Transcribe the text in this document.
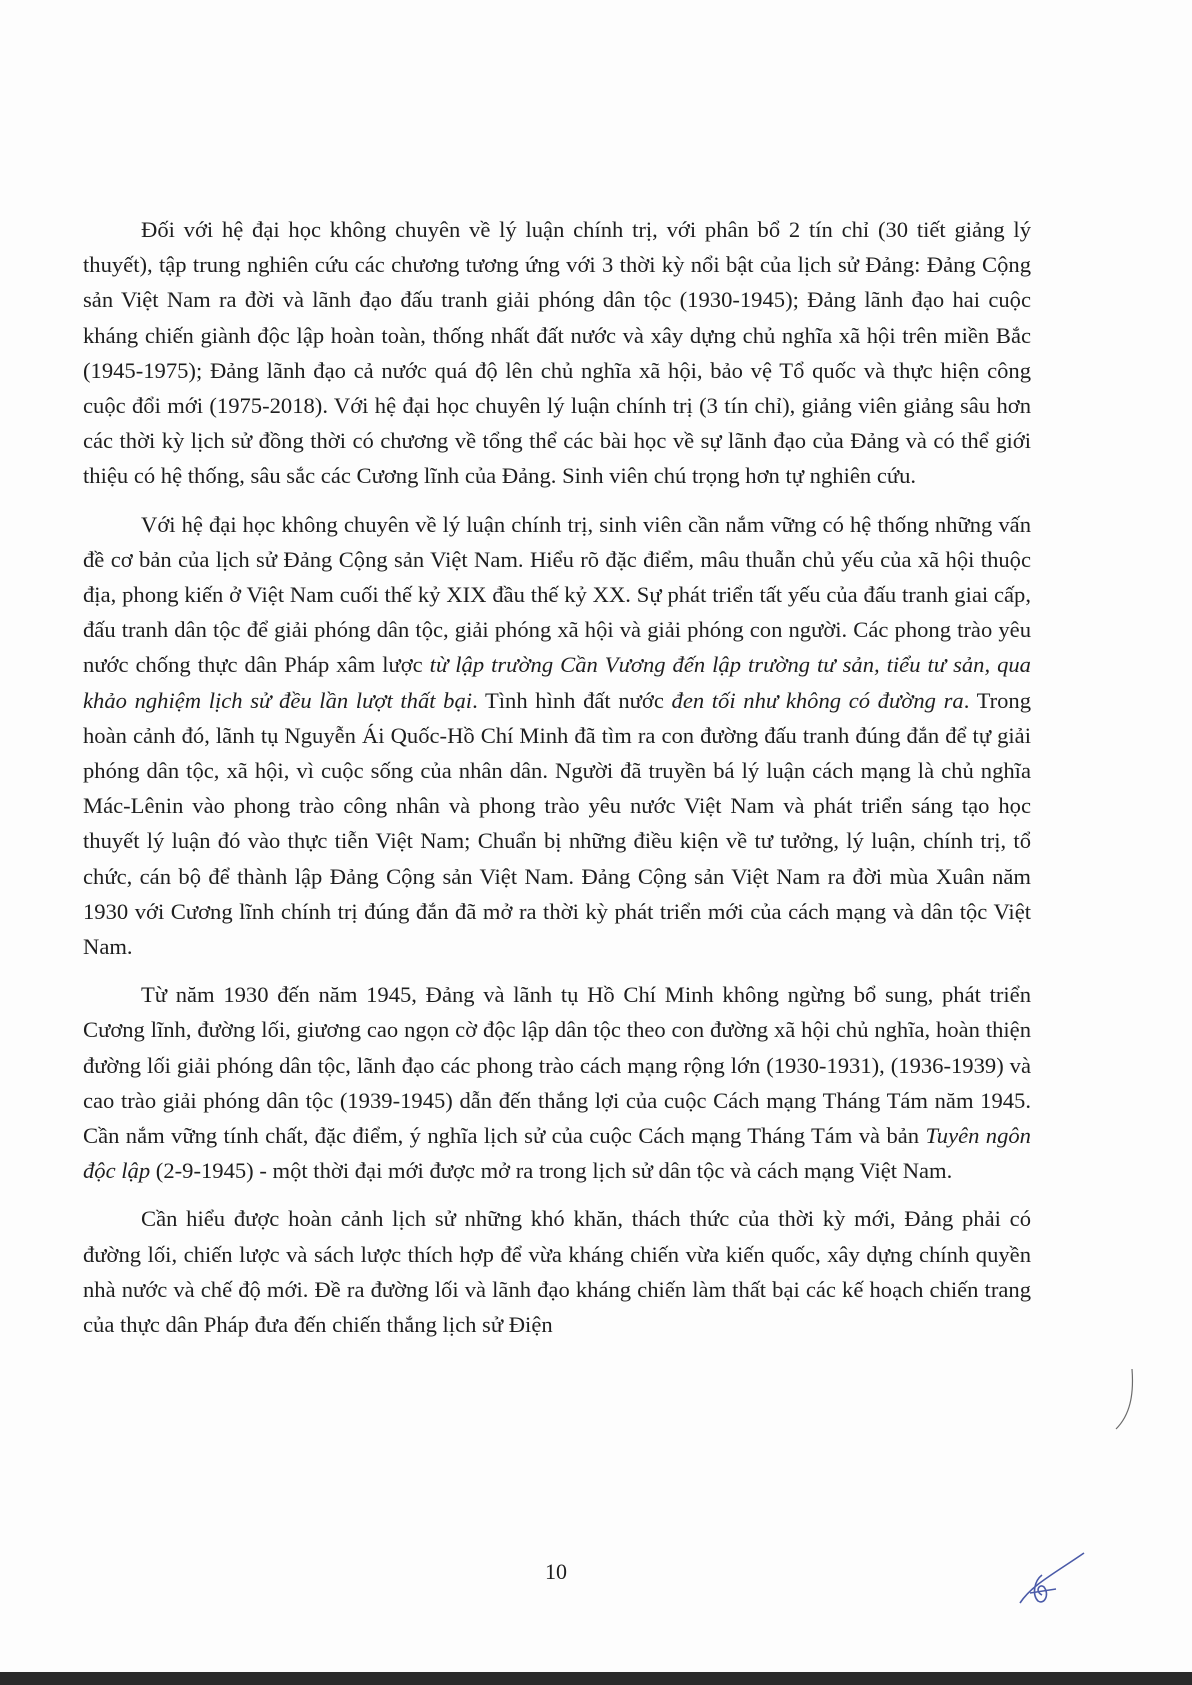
Đối với hệ đại học không chuyên về lý luận chính trị, với phân bổ 2 tín chỉ (30 tiết giảng lý thuyết), tập trung nghiên cứu các chương tương ứng với 3 thời kỳ nổi bật của lịch sử Đảng: Đảng Cộng sản Việt Nam ra đời và lãnh đạo đấu tranh giải phóng dân tộc (1930-1945); Đảng lãnh đạo hai cuộc kháng chiến giành độc lập hoàn toàn, thống nhất đất nước và xây dựng chủ nghĩa xã hội trên miền Bắc (1945-1975); Đảng lãnh đạo cả nước quá độ lên chủ nghĩa xã hội, bảo vệ Tổ quốc và thực hiện công cuộc đổi mới (1975-2018). Với hệ đại học chuyên lý luận chính trị (3 tín chỉ), giảng viên giảng sâu hơn các thời kỳ lịch sử đồng thời có chương về tổng thể các bài học về sự lãnh đạo của Đảng và có thể giới thiệu có hệ thống, sâu sắc các Cương lĩnh của Đảng. Sinh viên chú trọng hơn tự nghiên cứu.

Với hệ đại học không chuyên về lý luận chính trị, sinh viên cần nắm vững có hệ thống những vấn đề cơ bản của lịch sử Đảng Cộng sản Việt Nam. Hiểu rõ đặc điểm, mâu thuẫn chủ yếu của xã hội thuộc địa, phong kiến ở Việt Nam cuối thế kỷ XIX đầu thế kỷ XX. Sự phát triển tất yếu của đấu tranh giai cấp, đấu tranh dân tộc để giải phóng dân tộc, giải phóng xã hội và giải phóng con người. Các phong trào yêu nước chống thực dân Pháp xâm lược từ lập trường Cần Vương đến lập trường tư sản, tiểu tư sản, qua khảo nghiệm lịch sử đều lần lượt thất bại. Tình hình đất nước đen tối như không có đường ra. Trong hoàn cảnh đó, lãnh tụ Nguyễn Ái Quốc-Hồ Chí Minh đã tìm ra con đường đấu tranh đúng đắn để tự giải phóng dân tộc, xã hội, vì cuộc sống của nhân dân. Người đã truyền bá lý luận cách mạng là chủ nghĩa Mác-Lênin vào phong trào công nhân và phong trào yêu nước Việt Nam và phát triển sáng tạo học thuyết lý luận đó vào thực tiễn Việt Nam; Chuẩn bị những điều kiện về tư tưởng, lý luận, chính trị, tổ chức, cán bộ để thành lập Đảng Cộng sản Việt Nam. Đảng Cộng sản Việt Nam ra đời mùa Xuân năm 1930 với Cương lĩnh chính trị đúng đắn đã mở ra thời kỳ phát triển mới của cách mạng và dân tộc Việt Nam.

Từ năm 1930 đến năm 1945, Đảng và lãnh tụ Hồ Chí Minh không ngừng bổ sung, phát triển Cương lĩnh, đường lối, giương cao ngọn cờ độc lập dân tộc theo con đường xã hội chủ nghĩa, hoàn thiện đường lối giải phóng dân tộc, lãnh đạo các phong trào cách mạng rộng lớn (1930-1931), (1936-1939) và cao trào giải phóng dân tộc (1939-1945) dẫn đến thắng lợi của cuộc Cách mạng Tháng Tám năm 1945. Cần nắm vững tính chất, đặc điểm, ý nghĩa lịch sử của cuộc Cách mạng Tháng Tám và bản Tuyên ngôn độc lập (2-9-1945) - một thời đại mới được mở ra trong lịch sử dân tộc và cách mạng Việt Nam.

Cần hiểu được hoàn cảnh lịch sử những khó khăn, thách thức của thời kỳ mới, Đảng phải có đường lối, chiến lược và sách lược thích hợp để vừa kháng chiến vừa kiến quốc, xây dựng chính quyền nhà nước và chế độ mới. Đề ra đường lối và lãnh đạo kháng chiến làm thất bại các kế hoạch chiến trang của thực dân Pháp đưa đến chiến thắng lịch sử Điện

10
